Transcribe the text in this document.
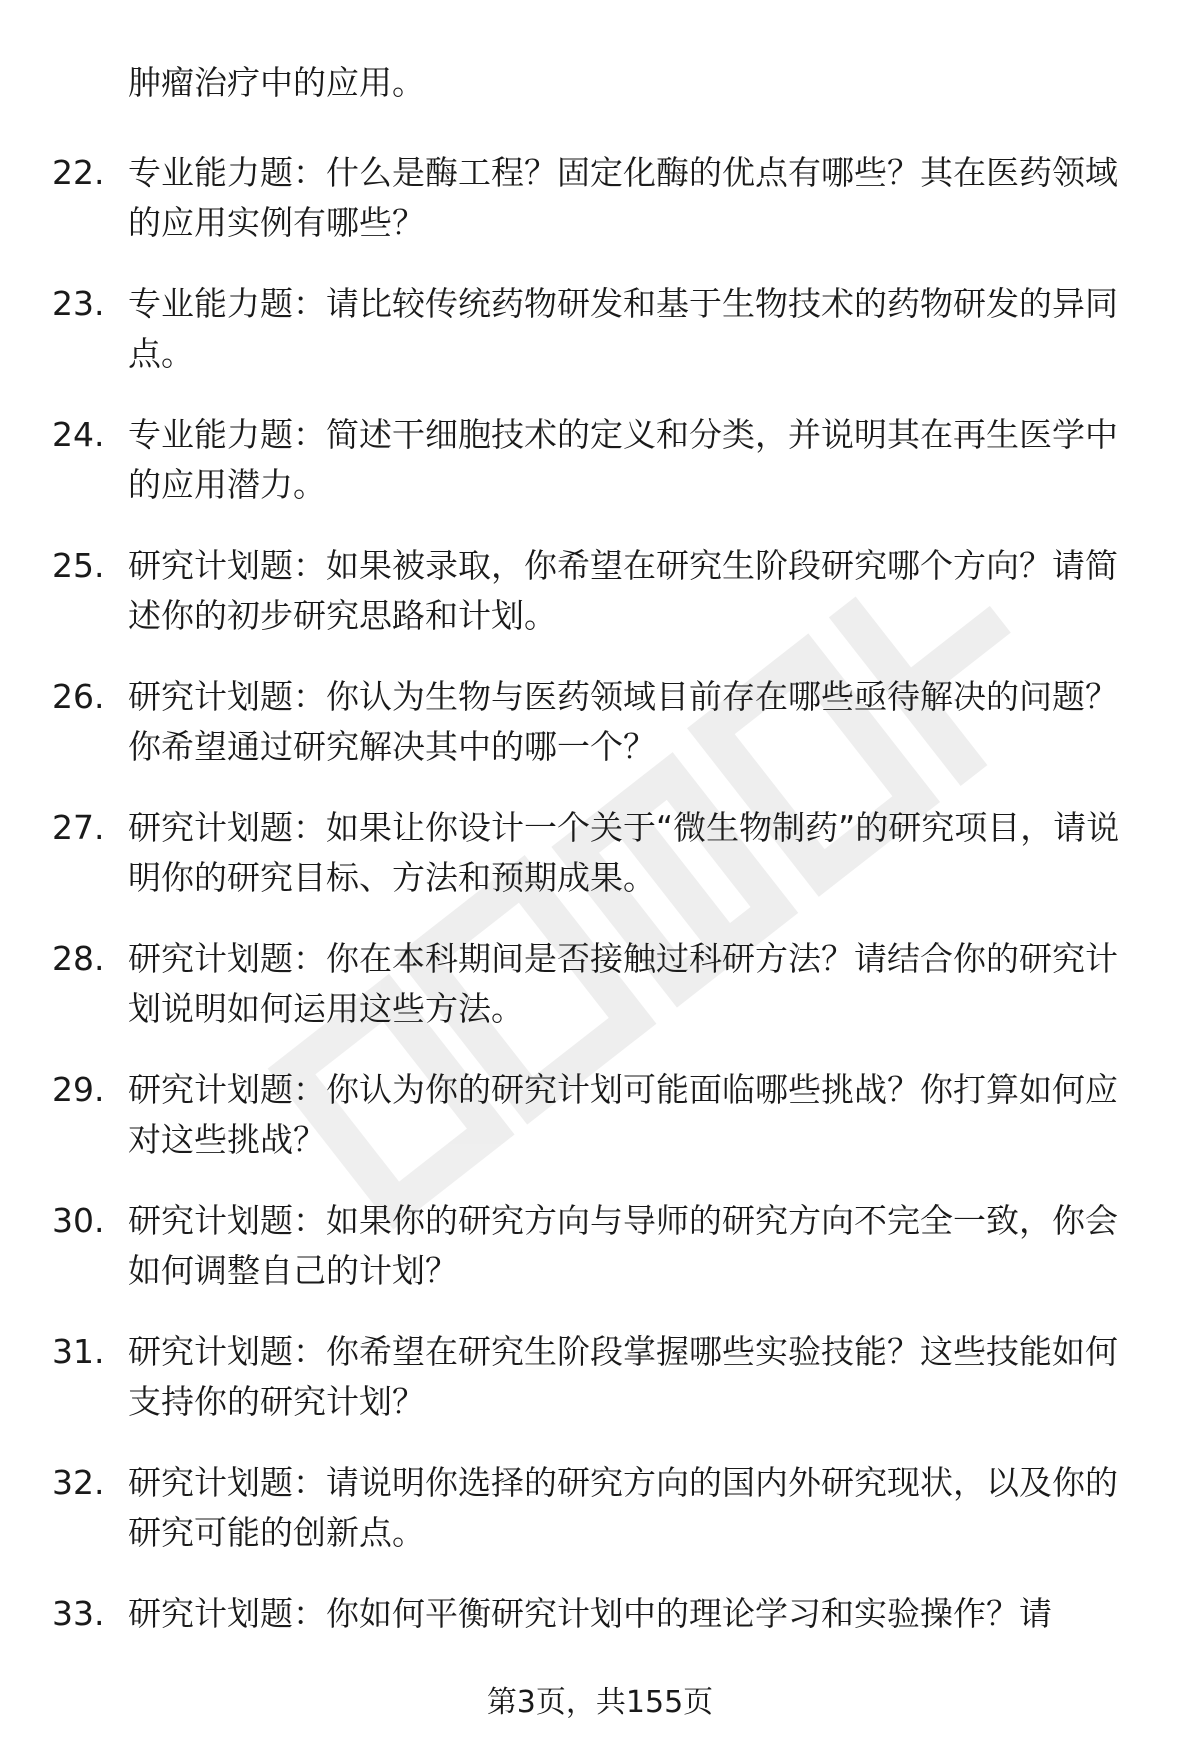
肿瘤治疗中的应用。
22. 专业能力题：什么是酶工程？固定化酶的优点有哪些？其在医药领域的应用实例有哪些？
23. 专业能力题：请比较传统药物研发和基于生物技术的药物研发的异同点。
24. 专业能力题：简述干细胞技术的定义和分类，并说明其在再生医学中的应用潜力。
25. 研究计划题：如果被录取，你希望在研究生阶段研究哪个方向？请简述你的初步研究思路和计划。
26. 研究计划题：你认为生物与医药领域目前存在哪些亟待解决的问题？你希望通过研究解决其中的哪一个？
27. 研究计划题：如果让你设计一个关于“微生物制药”的研究项目，请说明你的研究目标、方法和预期成果。
28. 研究计划题：你在本科期间是否接触过科研方法？请结合你的研究计划说明如何运用这些方法。
29. 研究计划题：你认为你的研究计划可能面临哪些挑战？你打算如何应对这些挑战？
30. 研究计划题：如果你的研究方向与导师的研究方向不完全一致，你会如何调整自己的计划？
31. 研究计划题：你希望在研究生阶段掌握哪些实验技能？这些技能如何支持你的研究计划？
32. 研究计划题：请说明你选择的研究方向的国内外研究现状，以及你的研究可能的创新点。
33. 研究计划题：你如何平衡研究计划中的理论学习和实验操作？请
第3页，共155页
